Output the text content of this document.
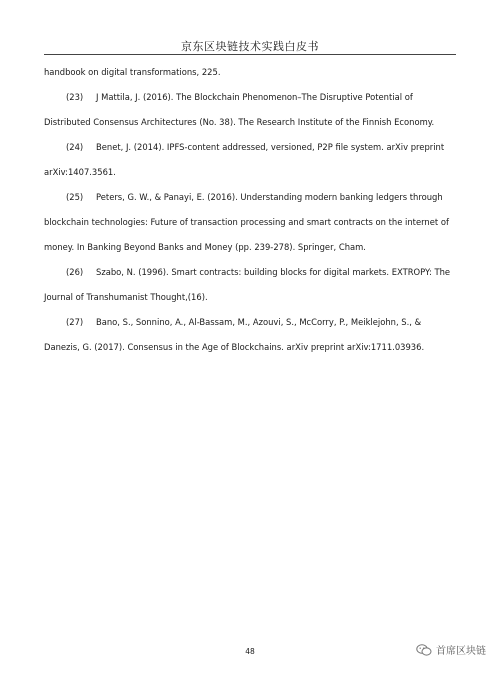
京东区块链技术实践白皮书
handbook on digital transformations, 225.
(23) J Mattila, J. (2016). The Blockchain Phenomenon–The Disruptive Potential of
Distributed Consensus Architectures (No. 38). The Research Institute of the Finnish Economy.
(24) Benet, J. (2014). IPFS-content addressed, versioned, P2P file system. arXiv preprint
arXiv:1407.3561.
(25) Peters, G. W., & Panayi, E. (2016). Understanding modern banking ledgers through
blockchain technologies: Future of transaction processing and smart contracts on the internet of
money. In Banking Beyond Banks and Money (pp. 239-278). Springer, Cham.
(26) Szabo, N. (1996). Smart contracts: building blocks for digital markets. EXTROPY: The
Journal of Transhumanist Thought,(16).
(27) Bano, S., Sonnino, A., Al-Bassam, M., Azouvi, S., McCorry, P., Meiklejohn, S., &
Danezis, G. (2017). Consensus in the Age of Blockchains. arXiv preprint arXiv:1711.03936.
48	首席区块链
